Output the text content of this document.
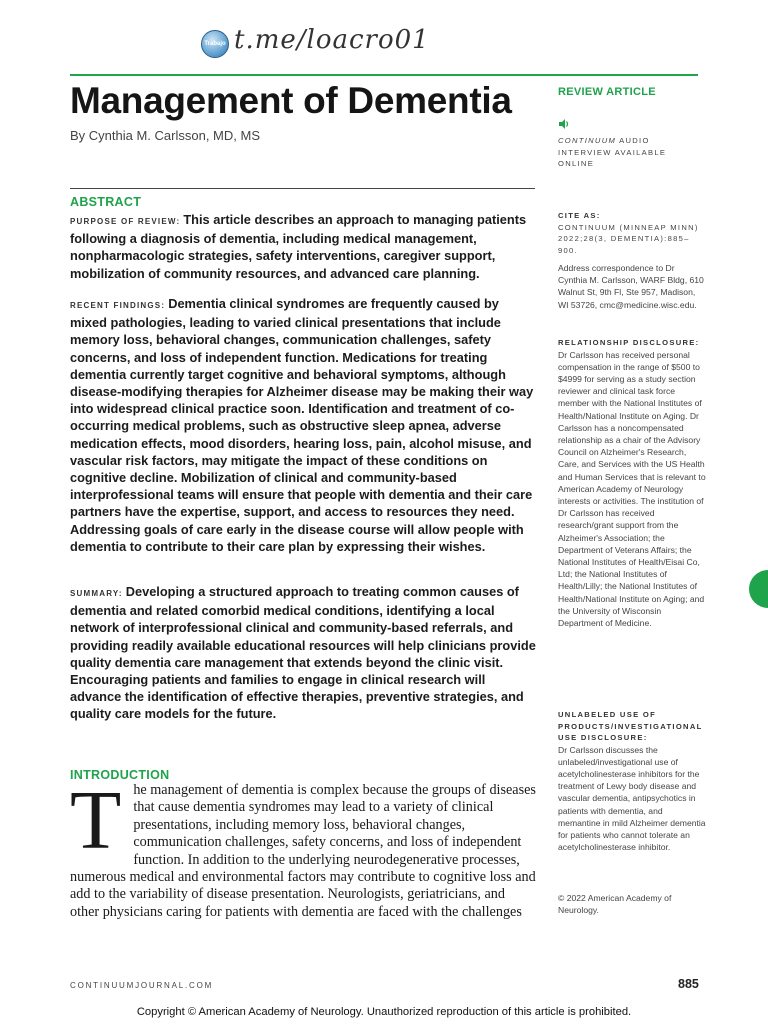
Trabajo t.me/loacro01
Management of Dementia
By Cynthia M. Carlsson, MD, MS
ABSTRACT

PURPOSE OF REVIEW: This article describes an approach to managing patients following a diagnosis of dementia, including medical management, nonpharmacologic strategies, safety interventions, caregiver support, mobilization of community resources, and advanced care planning.

RECENT FINDINGS: Dementia clinical syndromes are frequently caused by mixed pathologies, leading to varied clinical presentations that include memory loss, behavioral changes, communication challenges, safety concerns, and loss of independent function. Medications for treating dementia currently target cognitive and behavioral symptoms, although disease-modifying therapies for Alzheimer disease may be making their way into widespread clinical practice soon. Identification and treatment of co-occurring medical problems, such as obstructive sleep apnea, adverse medication effects, mood disorders, hearing loss, pain, alcohol misuse, and vascular risk factors, may mitigate the impact of these conditions on cognitive decline. Mobilization of clinical and community-based interprofessional teams will ensure that people with dementia and their care partners have the expertise, support, and access to resources they need. Addressing goals of care early in the disease course will allow people with dementia to contribute to their care plan by expressing their wishes.

SUMMARY: Developing a structured approach to treating common causes of dementia and related comorbid medical conditions, identifying a local network of interprofessional clinical and community-based referrals, and providing readily available educational resources will help clinicians provide quality dementia care management that extends beyond the clinic visit. Encouraging patients and families to engage in clinical research will advance the identification of effective therapies, preventive strategies, and quality care models for the future.

INTRODUCTION

The management of dementia is complex because the groups of diseases that cause dementia syndromes may lead to a variety of clinical presentations, including memory loss, behavioral changes, communication challenges, safety concerns, and loss of independent function. In addition to the underlying neurodegenerative processes, numerous medical and environmental factors may contribute to cognitive loss and add to the variability of disease presentation. Neurologists, geriatricians, and other physicians caring for patients with dementia are faced with the challenges

REVIEW ARTICLE
CONTINUUM AUDIO
INTERVIEW AVAILABLE
ONLINE
CITE AS:
CONTINUUM (MINNEAP MINN)
2022;28(3, DEMENTIA):885–900.

Address correspondence to Dr Cynthia M. Carlsson, WARF Bldg, 610 Walnut St, 9th Fl, Ste 957, Madison, WI 53726, cmc@medicine.wisc.edu.

RELATIONSHIP DISCLOSURE:

Dr Carlsson has received personal compensation in the range of $500 to $4999 for serving as a study section reviewer and clinical task force member with the National Institutes of Health/National Institute on Aging. Dr Carlsson has a noncompensated relationship as a chair of the Advisory Council on Alzheimer's Research, Care, and Services with the US Health and Human Services that is relevant to American Academy of Neurology interests or activities. The institution of Dr Carlsson has received research/grant support from the Alzheimer's Association; the Department of Veterans Affairs; the National Institutes of Health/Eisai Co, Ltd; the National Institutes of Health/Lilly; the National Institutes of Health/National Institute on Aging; and the University of Wisconsin Department of Medicine.

UNLABELED USE OF
PRODUCTS/INVESTIGATIONAL
USE DISCLOSURE:

Dr Carlsson discusses the unlabeled/investigational use of acetylcholinesterase inhibitors for the treatment of Lewy body disease and vascular dementia, antipsychotics in patients with dementia, and memantine in mild Alzheimer dementia for patients who cannot tolerate an acetylcholinesterase inhibitor.

© 2022 American Academy of Neurology.

CONTINUUMJOURNAL.COM	885
Copyright © American Academy of Neurology. Unauthorized reproduction of this article is prohibited.
